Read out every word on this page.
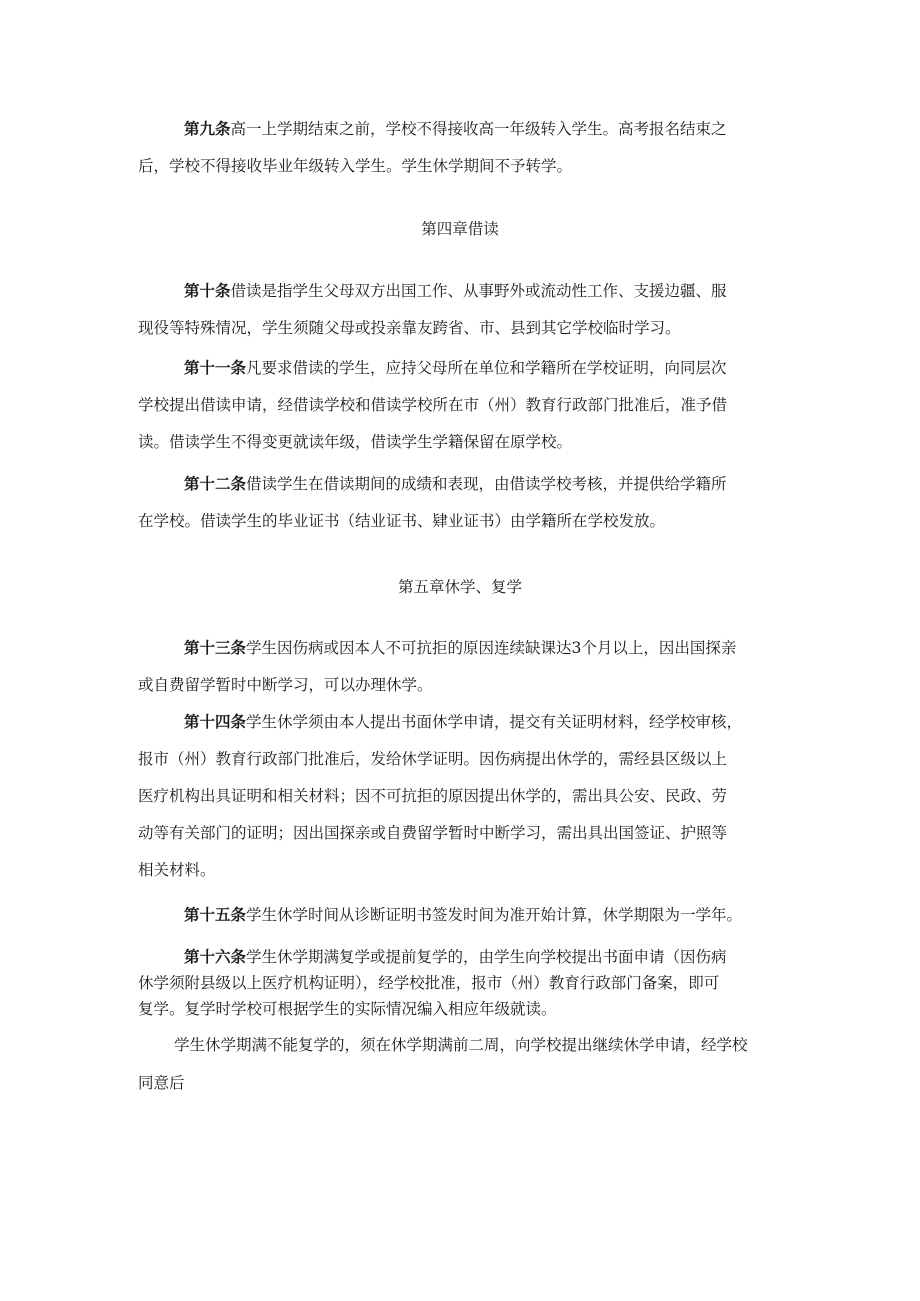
第九条高一上学期结束之前，学校不得接收高一年级转入学生。高考报名结束之
后，学校不得接收毕业年级转入学生。学生休学期间不予转学。
第四章借读
第十条借读是指学生父母双方出国工作、从事野外或流动性工作、支援边疆、服
现役等特殊情况，学生须随父母或投亲靠友跨省、市、县到其它学校临时学习。
第十一条凡要求借读的学生，应持父母所在单位和学籍所在学校证明，向同层次
学校提出借读申请，经借读学校和借读学校所在市（州）教育行政部门批准后，准予借
读。借读学生不得变更就读年级，借读学生学籍保留在原学校。
第十二条借读学生在借读期间的成绩和表现，由借读学校考核，并提供给学籍所
在学校。借读学生的毕业证书（结业证书、肄业证书）由学籍所在学校发放。
第五章休学、复学
第十三条学生因伤病或因本人不可抗拒的原因连续缺课达3个月以上，因出国探亲
或自费留学暂时中断学习，可以办理休学。
第十四条学生休学须由本人提出书面休学申请，提交有关证明材料，经学校审核，
报市（州）教育行政部门批准后，发给休学证明。因伤病提出休学的，需经县区级以上
医疗机构出具证明和相关材料；因不可抗拒的原因提出休学的，需出具公安、民政、劳
动等有关部门的证明；因出国探亲或自费留学暂时中断学习，需出具出国签证、护照等
相关材料。
第十五条学生休学时间从诊断证明书签发时间为准开始计算，休学期限为一学年。
第十六条学生休学期满复学或提前复学的，由学生向学校提出书面申请（因伤病
休学须附县级以上医疗机构证明），经学校批准，报市（州）教育行政部门备案，即可
复学。复学时学校可根据学生的实际情况编入相应年级就读。
学生休学期满不能复学的，须在休学期满前二周，向学校提出继续休学申请，经学校
同意后
